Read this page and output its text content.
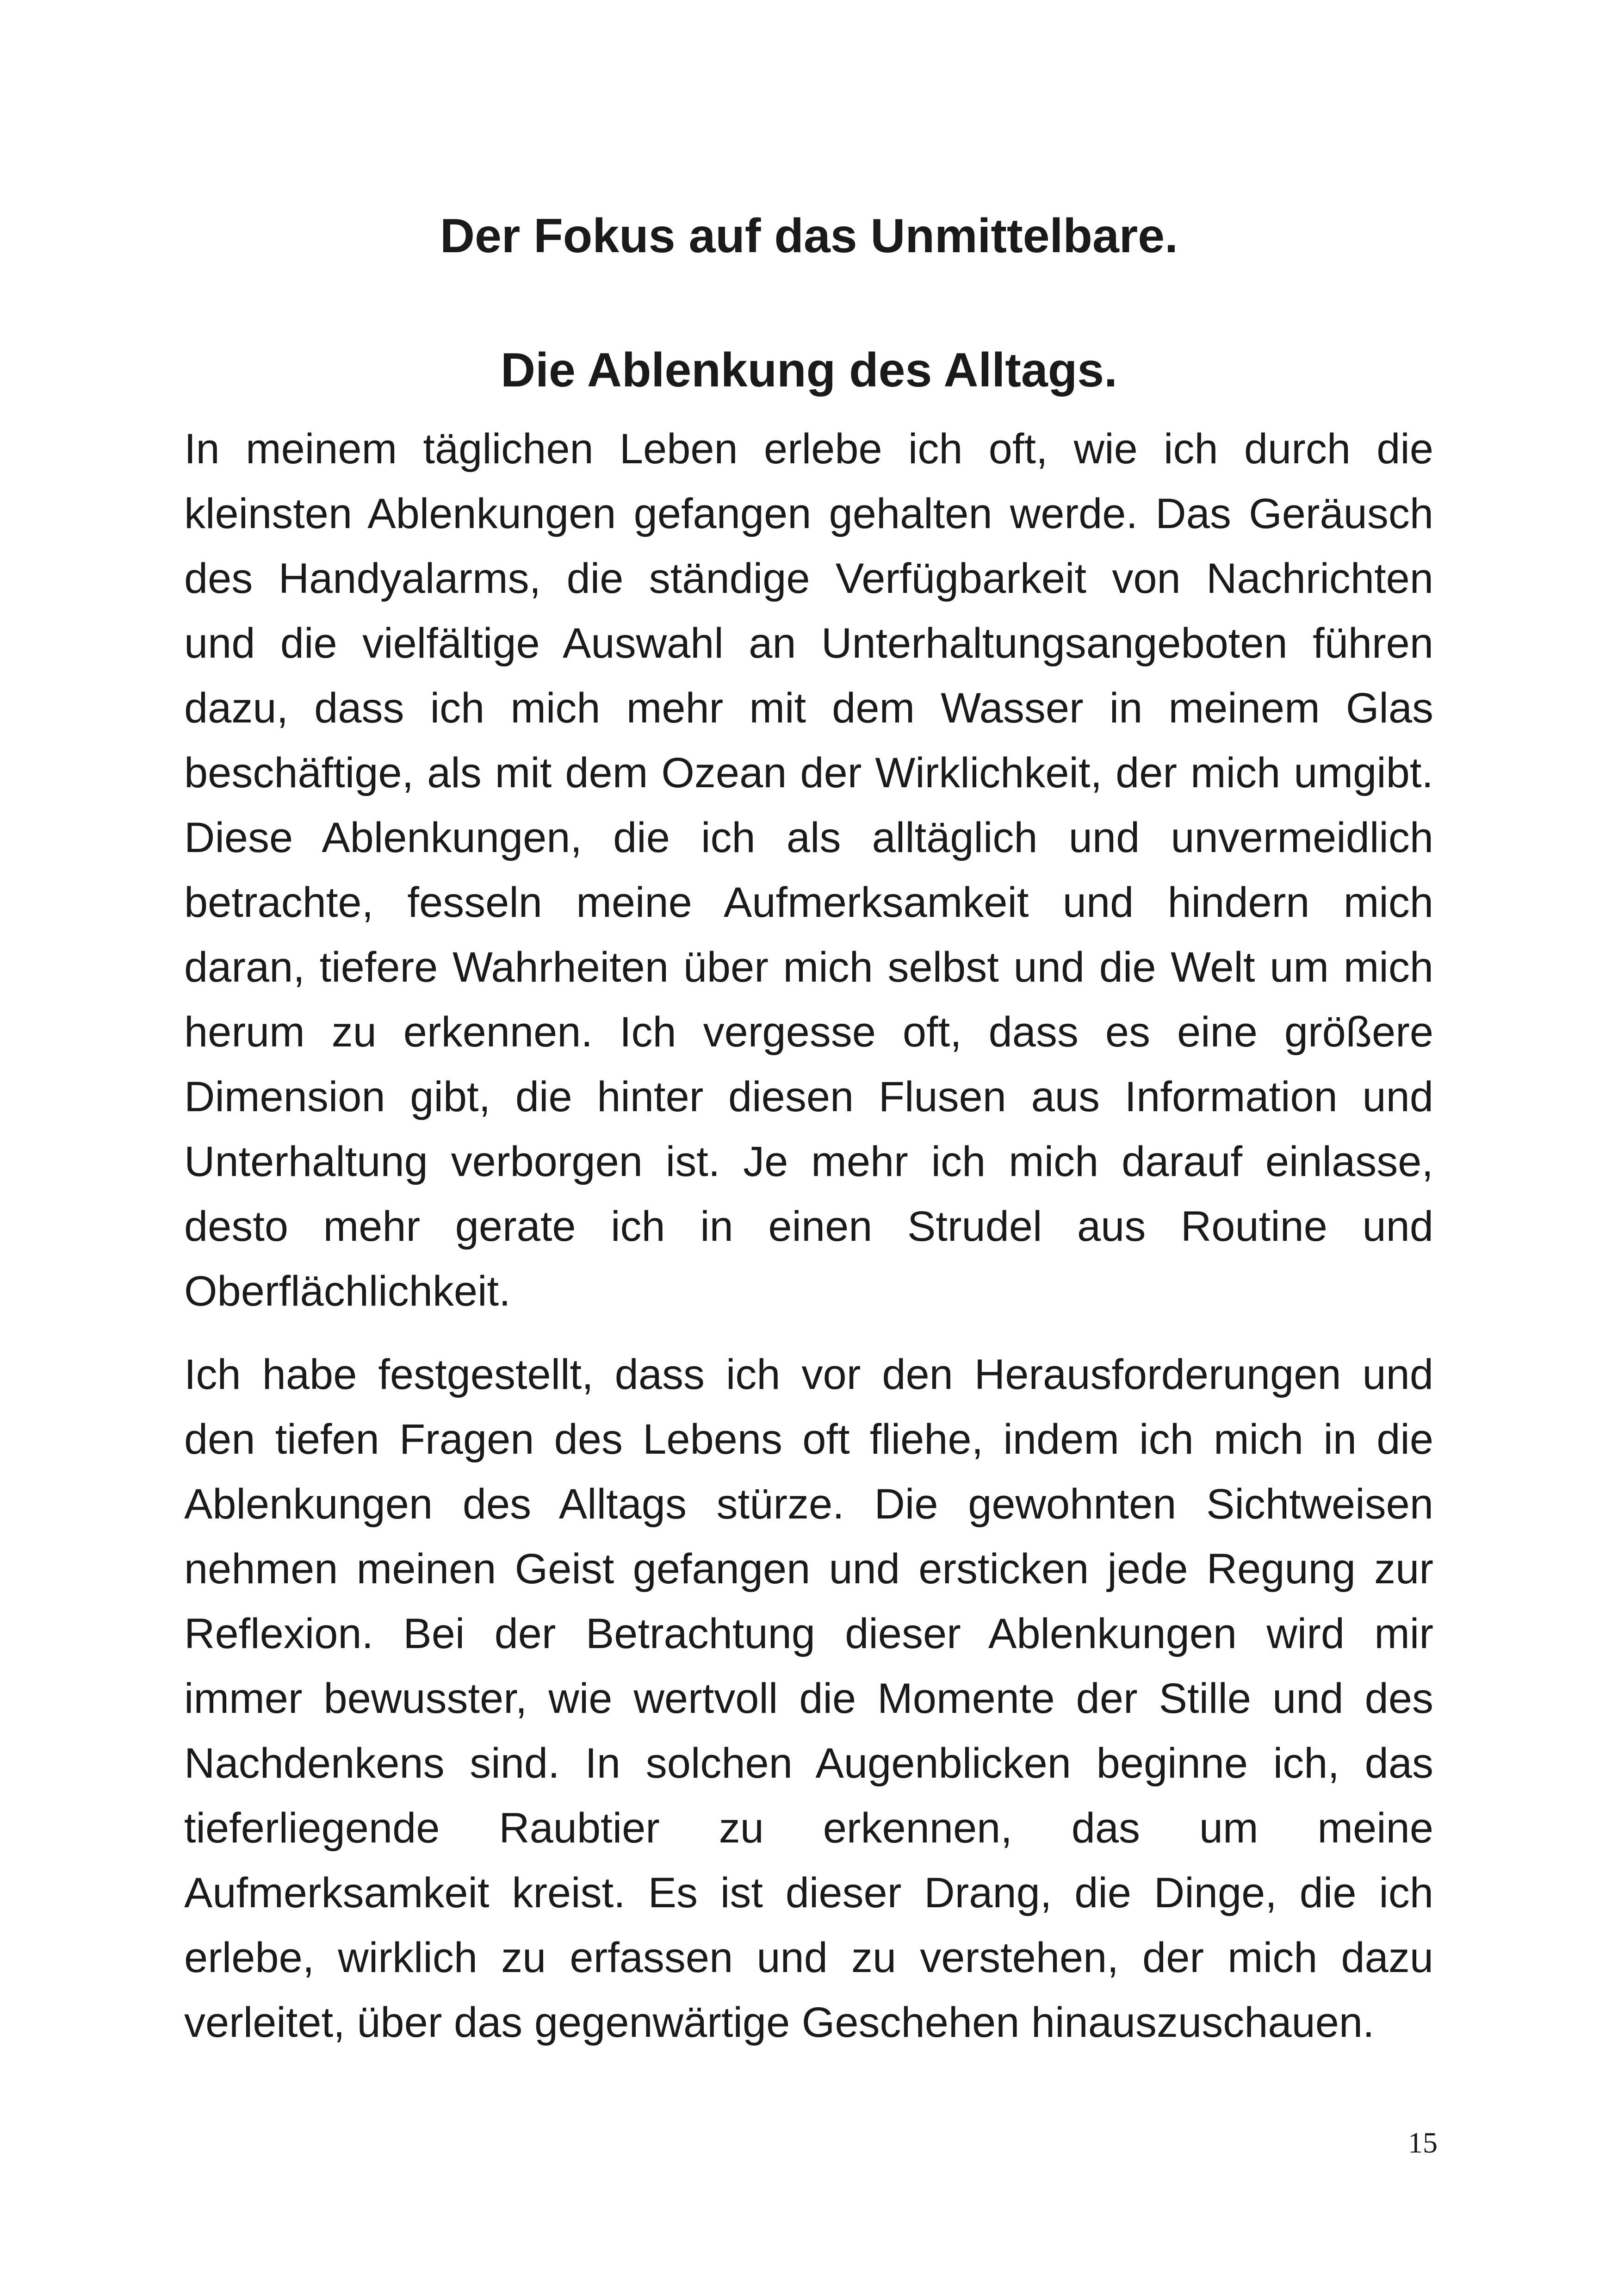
Der Fokus auf das Unmittelbare.
Die Ablenkung des Alltags.

In meinem täglichen Leben erlebe ich oft, wie ich durch die kleinsten Ablenkungen gefangen gehalten werde. Das Geräusch des Handyalarms, die ständige Verfügbarkeit von Nachrichten und die vielfältige Auswahl an Unterhaltungsangeboten führen dazu, dass ich mich mehr mit dem Wasser in meinem Glas beschäftige, als mit dem Ozean der Wirklichkeit, der mich umgibt. Diese Ablenkungen, die ich als alltäglich und unvermeidlich betrachte, fesseln meine Aufmerksamkeit und hindern mich daran, tiefere Wahrheiten über mich selbst und die Welt um mich herum zu erkennen. Ich vergesse oft, dass es eine größere Dimension gibt, die hinter diesen Flusen aus Information und Unterhaltung verborgen ist. Je mehr ich mich darauf einlasse, desto mehr gerate ich in einen Strudel aus Routine und Oberflächlichkeit.

Ich habe festgestellt, dass ich vor den Herausforderungen und den tiefen Fragen des Lebens oft fliehe, indem ich mich in die Ablenkungen des Alltags stürze. Die gewohnten Sichtweisen nehmen meinen Geist gefangen und ersticken jede Regung zur Reflexion. Bei der Betrachtung dieser Ablenkungen wird mir immer bewusster, wie wertvoll die Momente der Stille und des Nachdenkens sind. In solchen Augenblicken beginne ich, das tieferliegende Raubtier zu erkennen, das um meine Aufmerksamkeit kreist. Es ist dieser Drang, die Dinge, die ich erlebe, wirklich zu erfassen und zu verstehen, der mich dazu verleitet, über das gegenwärtige Geschehen hinauszuschauen.

15
